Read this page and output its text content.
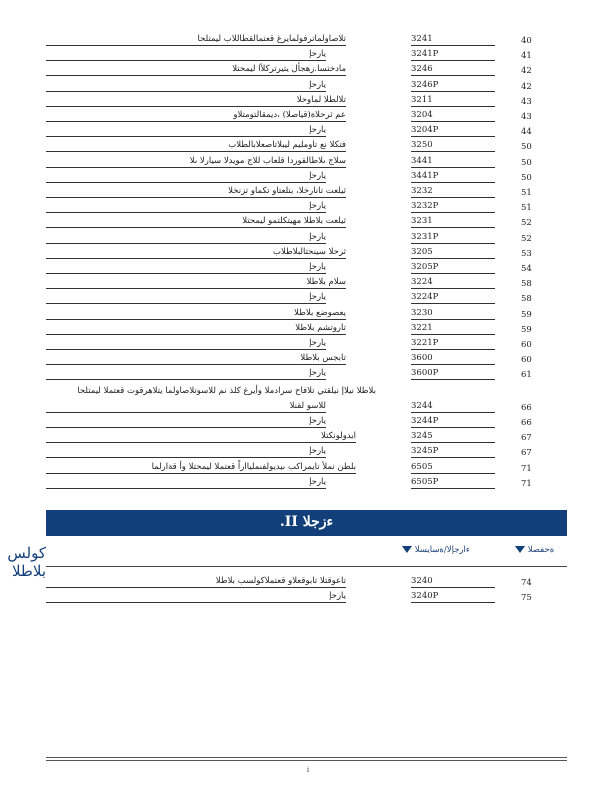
تلاصاولماترفولمايرغ قعتمالقطاللاب ليمتلحا	3241	40
يارحإ	3241P	41
مادختسا.زهجأل يتيرتركلأا ليمحتلا	3246	42
يارحإ	3246P	42
تلالطلا لماوحلا	3211	43
عم ثرحلاة(قياصلا) ،ديمقالتومتلاو	3204	43
يارحإ	3204P	44
فتكلا نع تاومليم ليبلاتاصعلابالطلاب	3250	50
سلاج ىلاطالقوردا قلعاب للاج مويدلا سيارلا ىلا	3441	50
يارحإ	3441P	50
ثيلعت تانارخلا، بتلعتاو تكماو تزنخلا	3232	51
يارحإ	3232P	51
ثيلعت بلاطلا مهيتكلتمو ليمحتلا	3231	52
يارحإ	3231P	52
ثرحلا سينحتالبلاطلاب	3205	53
يارحإ	3205P	54
سلام بلاطلا	3224	58
يارحإ	3224P	58
يعصوضع بلاطلا	3230	59
تاروتشم بلاطلا	3221	59
يارحإ	3221P	60
تابجس بلاطلا	3600	60
يارحإ	3600P	61
بلاطلا نيلاإ نيلقتي تلافاح سرادملا وأيرغ كلذ نم للاسوتلاصاولما يتلاهرقوت قعتملا ليمتلحا
للاسو لقنلا	3244	66
يارحإ	3244P	66
ايدولونكتلا	3245	67
يارحإ	3245P	67
بلطن نملأ تايمراكب ىيديولفىمليااراً قعتملا ليمحتلا وأ قةارلما	6505	71
يارحإ	6505P	71
ءزجلا II.
كولس بلاطلا
ءارجإلا/ةسايسلا	ةحفصلا
تاعوقتلا تابوقعلاو قعتملاكولسب بلاطلا	3240	74
يارحإ	3240P	75
i
